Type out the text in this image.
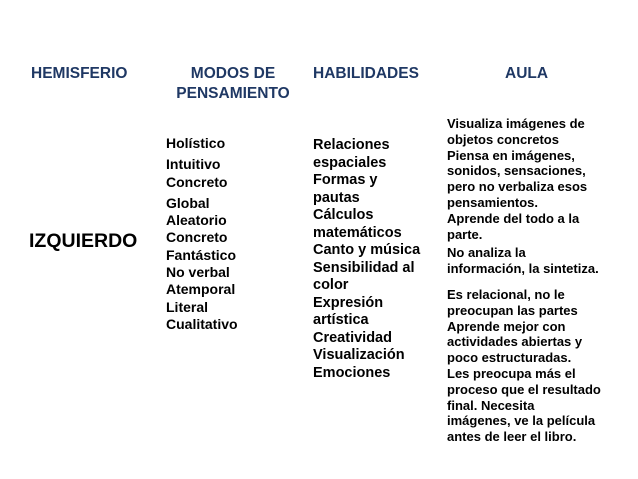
HEMISFERIO	MODOS DE
PENSAMIENTO
HABILIDADES	AULA
IZQUIERDO
Holístico
Intuitivo
Concreto
Global
Aleatorio
Concreto
Fantástico
No verbal
Atemporal
Literal
Cualitativo
Relaciones
espaciales
Formas y
pautas
Cálculos
matemáticos
Canto y música
Sensibilidad al
color
Expresión
artística
Creatividad
Visualización
Emociones
Visualiza imágenes de
objetos concretos
Piensa en imágenes,
sonidos, sensaciones,
pero no verbaliza esos
pensamientos.
Aprende del todo a la
parte.
No analiza la
información, la sintetiza.
Es relacional, no le
preocupan las partes
Aprende mejor con
actividades abiertas y
poco estructuradas.
Les preocupa más el
proceso que el resultado
final. Necesita
imágenes, ve la película
antes de leer el libro.
